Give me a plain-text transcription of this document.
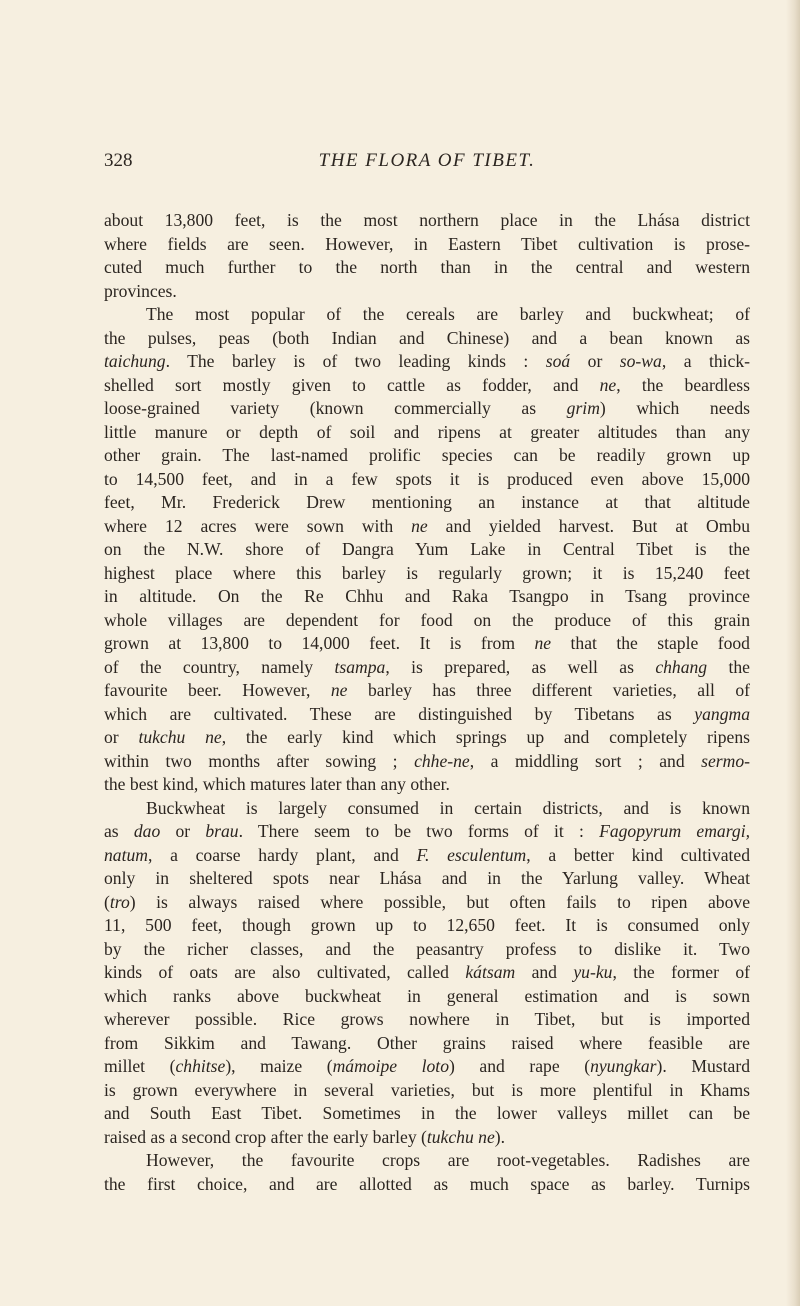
328	THE FLORA OF TIBET.
about 13,800 feet, is the most northern place in the Lhása district
where fields are seen. However, in Eastern Tibet cultivation is prose-
cuted much further to the north than in the central and western
provinces.
The most popular of the cereals are barley and buckwheat; of
the pulses, peas (both Indian and Chinese) and a bean known as
taichung. The barley is of two leading kinds : soá or so-wa, a thick-
shelled sort mostly given to cattle as fodder, and ne, the beardless
loose-grained variety (known commercially as grim) which needs
little manure or depth of soil and ripens at greater altitudes than any
other grain. The last-named prolific species can be readily grown up
to 14,500 feet, and in a few spots it is produced even above 15,000
feet, Mr. Frederick Drew mentioning an instance at that altitude
where 12 acres were sown with ne and yielded harvest. But at Ombu
on the N.W. shore of Dangra Yum Lake in Central Tibet is the
highest place where this barley is regularly grown; it is 15,240 feet
in altitude. On the Re Chhu and Raka Tsangpo in Tsang province
whole villages are dependent for food on the produce of this grain
grown at 13,800 to 14,000 feet. It is from ne that the staple food
of the country, namely tsampa, is prepared, as well as chhang the
favourite beer. However, ne barley has three different varieties, all of
which are cultivated. These are distinguished by Tibetans as yangma
or tukchu ne, the early kind which springs up and completely ripens
within two months after sowing ; chhe-ne, a middling sort ; and sermo-
the best kind, which matures later than any other.
Buckwheat is largely consumed in certain districts, and is known
as dao or brau. There seem to be two forms of it : Fagopyrum emargi,
natum, a coarse hardy plant, and F. esculentum, a better kind cultivated
only in sheltered spots near Lhása and in the Yarlung valley. Wheat
(tro) is always raised where possible, but often fails to ripen above
11, 500 feet, though grown up to 12,650 feet. It is consumed only
by the richer classes, and the peasantry profess to dislike it. Two
kinds of oats are also cultivated, called kátsam and yu-ku, the former of
which ranks above buckwheat in general estimation and is sown
wherever possible. Rice grows nowhere in Tibet, but is imported
from Sikkim and Tawang. Other grains raised where feasible are
millet (chhitse), maize (mámoipe loto) and rape (nyungkar). Mustard
is grown everywhere in several varieties, but is more plentiful in Khams
and South East Tibet. Sometimes in the lower valleys millet can be
raised as a second crop after the early barley (tukchu ne).
However, the favourite crops are root-vegetables. Radishes are
the first choice, and are allotted as much space as barley. Turnips
